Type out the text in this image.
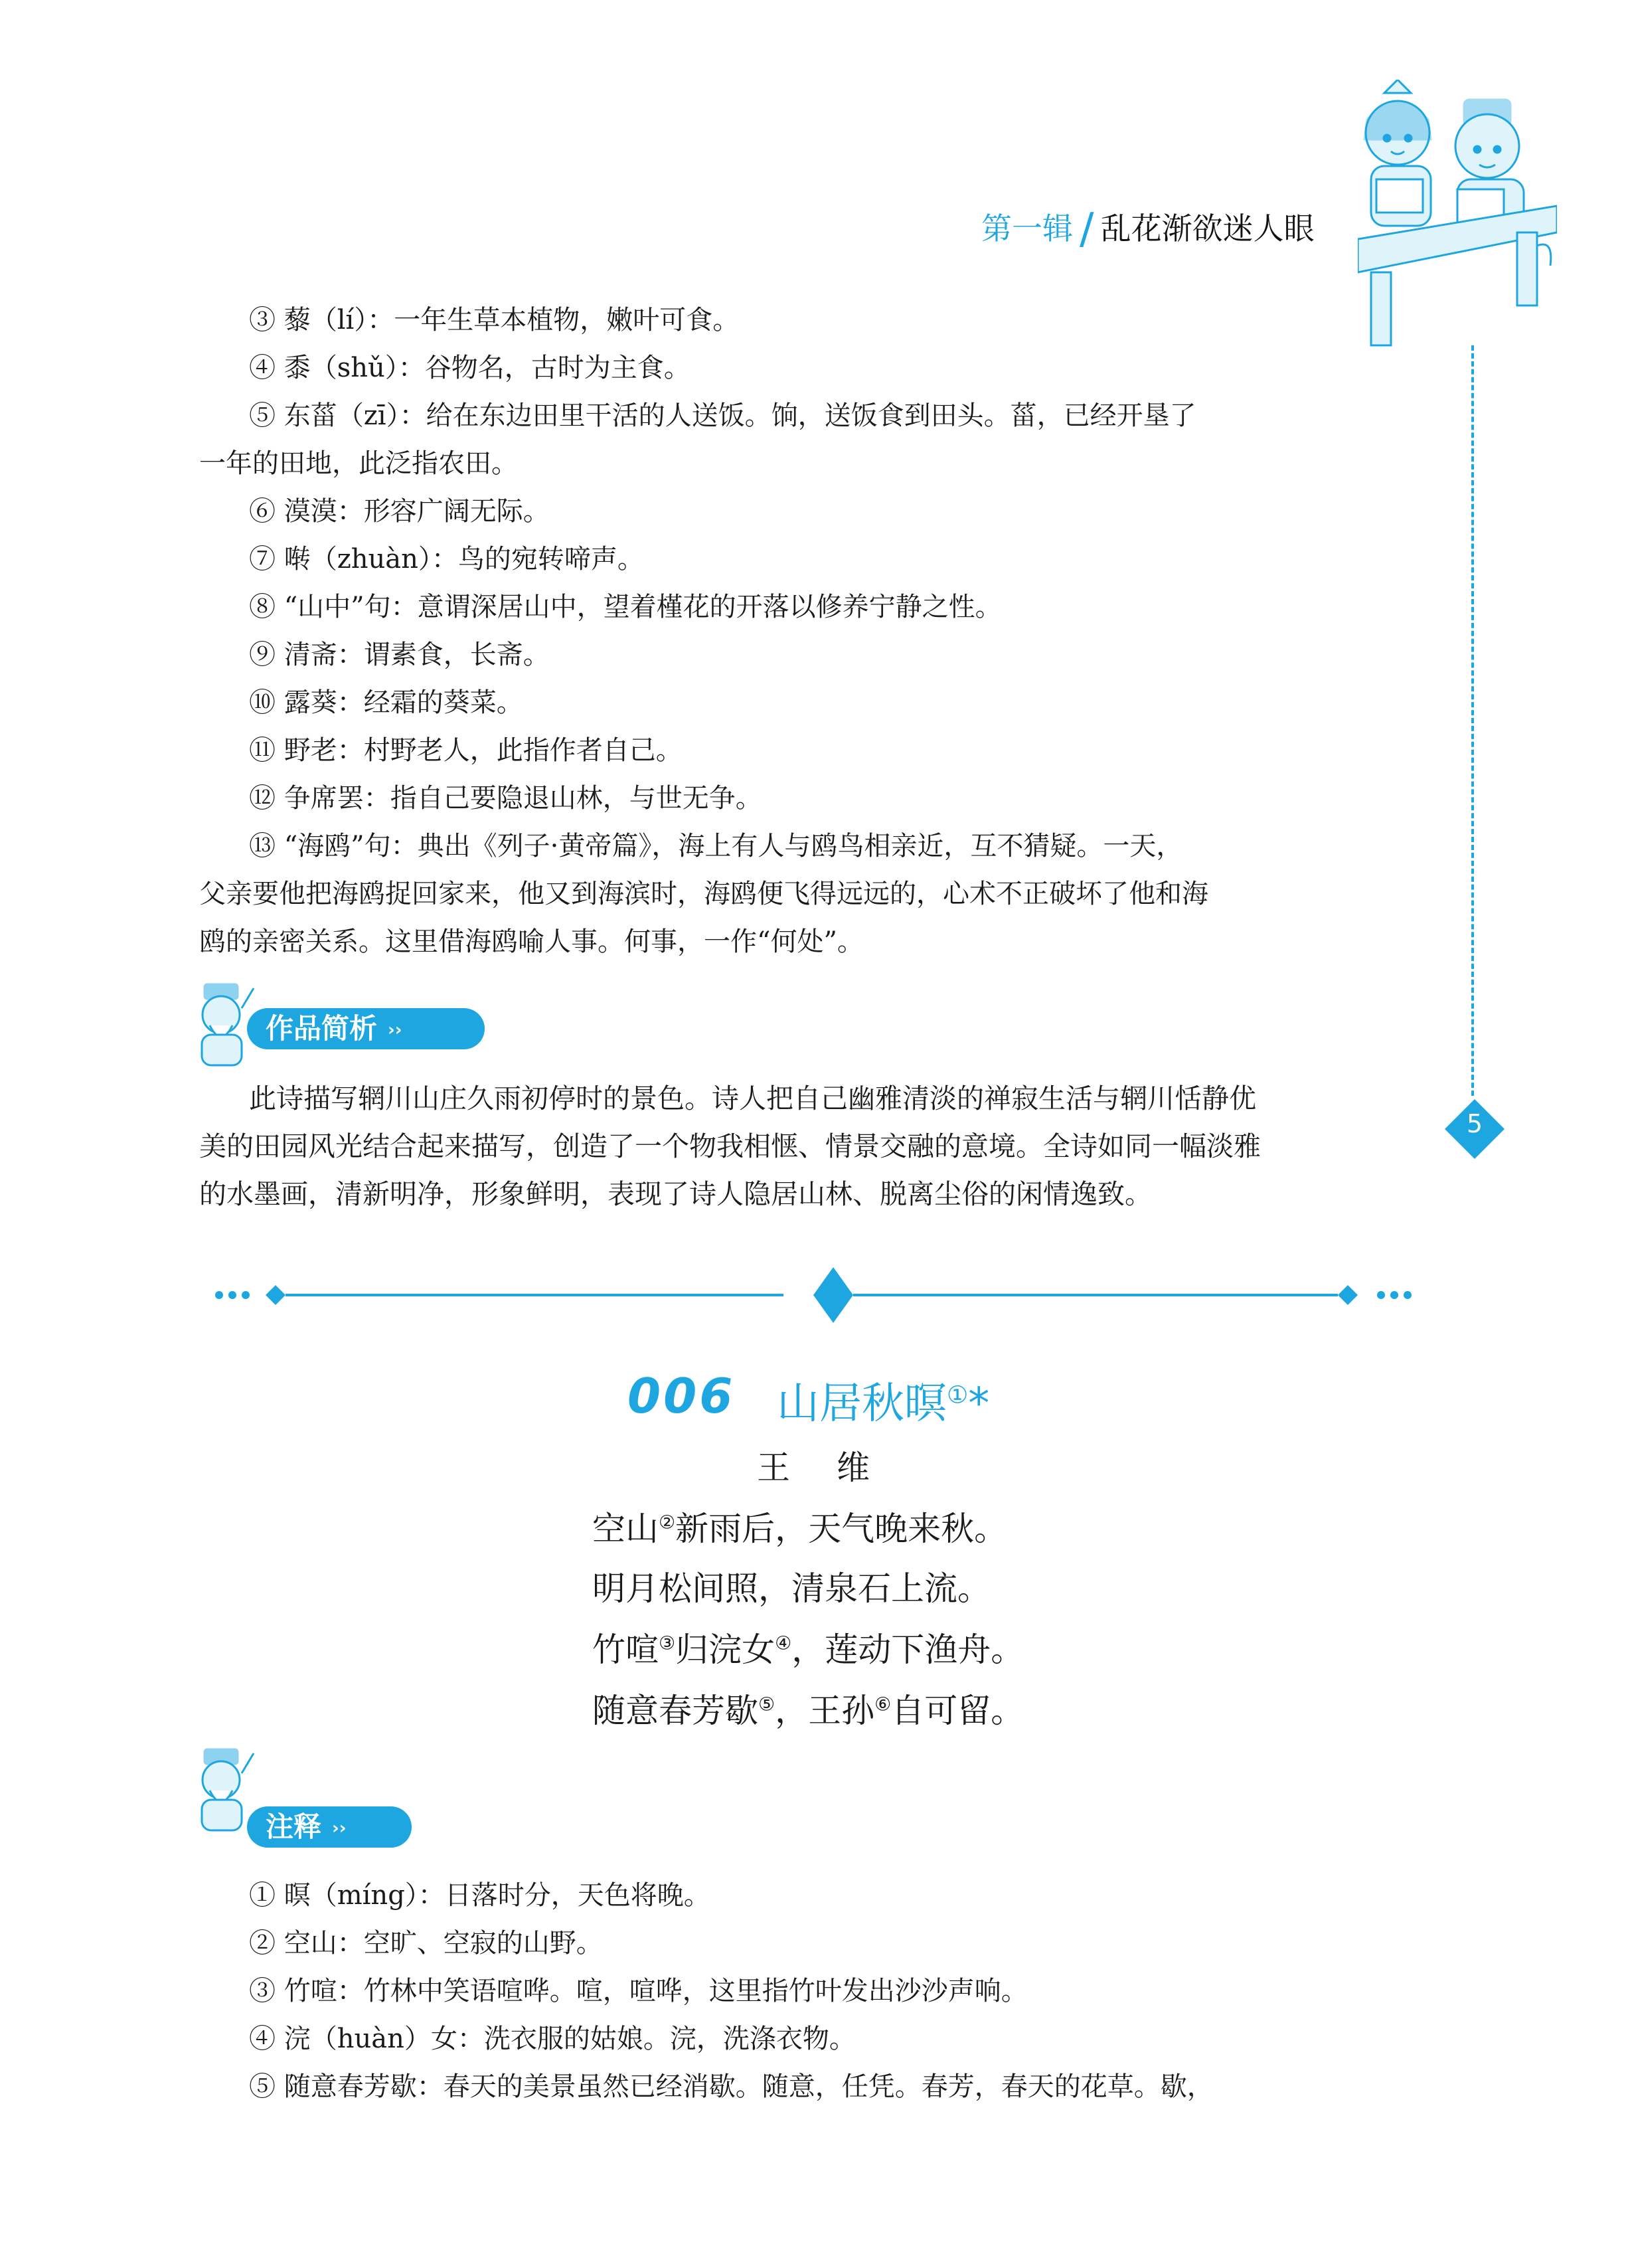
第一辑 / 乱花渐欲迷人眼
5
③ 藜（lí）：一年生草本植物，嫩叶可食。
④ 黍（shǔ）：谷物名，古时为主食。
⑤ 东菑（zī）：给在东边田里干活的人送饭。饷，送饭食到田头。菑，已经开垦了
一年的田地，此泛指农田。
⑥ 漠漠：形容广阔无际。
⑦ 啭（zhuàn）：鸟的宛转啼声。
⑧ “山中”句：意谓深居山中，望着槿花的开落以修养宁静之性。
⑨ 清斋：谓素食，长斋。
⑩ 露葵：经霜的葵菜。
⑪ 野老：村野老人，此指作者自己。
⑫ 争席罢：指自己要隐退山林，与世无争。
⑬ “海鸥”句：典出《列子·黄帝篇》，海上有人与鸥鸟相亲近，互不猜疑。一天，
父亲要他把海鸥捉回家来，他又到海滨时，海鸥便飞得远远的，心术不正破坏了他和海
鸥的亲密关系。这里借海鸥喻人事。何事，一作“何处”。
作品简析 ››
此诗描写辋川山庄久雨初停时的景色。诗人把自己幽雅清淡的禅寂生活与辋川恬静优
美的田园风光结合起来描写，创造了一个物我相惬、情景交融的意境。全诗如同一幅淡雅
的水墨画，清新明净，形象鲜明，表现了诗人隐居山林、脱离尘俗的闲情逸致。
006 山居秋暝①*
王维
空山②新雨后，天气晚来秋。
明月松间照，清泉石上流。
竹喧③归浣女④，莲动下渔舟。
随意春芳歇⑤，王孙⑥自可留。
注释 ››
① 暝（míng）：日落时分，天色将晚。
② 空山：空旷、空寂的山野。
③ 竹喧：竹林中笑语喧哗。喧，喧哗，这里指竹叶发出沙沙声响。
④ 浣（huàn）女：洗衣服的姑娘。浣，洗涤衣物。
⑤ 随意春芳歇：春天的美景虽然已经消歇。随意，任凭。春芳，春天的花草。歇，
